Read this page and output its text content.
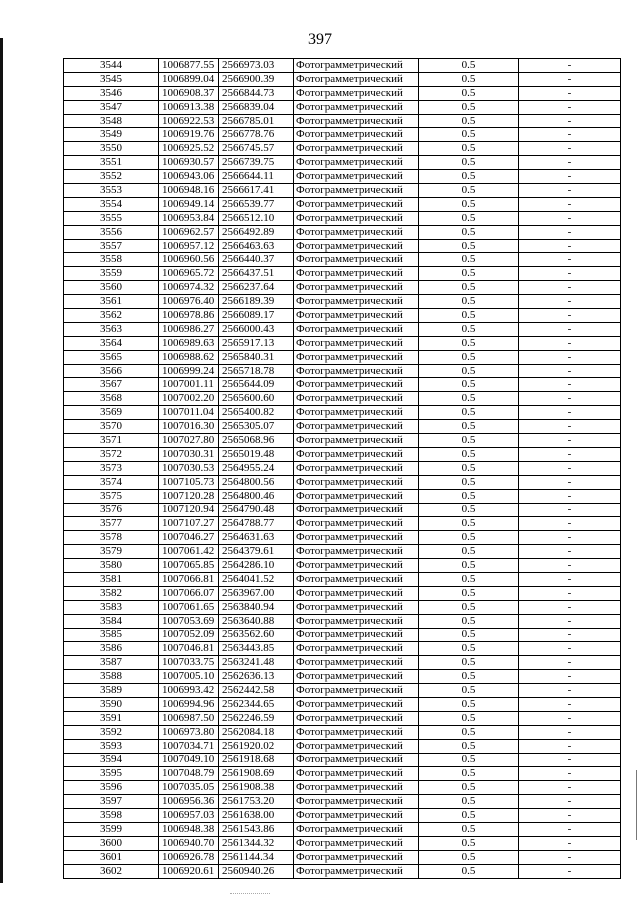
397
3544	1006877.55	2566973.03	Фотограмметрический	0.5	-
3545	1006899.04	2566900.39	Фотограмметрический	0.5	-
3546	1006908.37	2566844.73	Фотограмметрический	0.5	-
3547	1006913.38	2566839.04	Фотограмметрический	0.5	-
3548	1006922.53	2566785.01	Фотограмметрический	0.5	-
3549	1006919.76	2566778.76	Фотограмметрический	0.5	-
3550	1006925.52	2566745.57	Фотограмметрический	0.5	-
3551	1006930.57	2566739.75	Фотограмметрический	0.5	-
3552	1006943.06	2566644.11	Фотограмметрический	0.5	-
3553	1006948.16	2566617.41	Фотограмметрический	0.5	-
3554	1006949.14	2566539.77	Фотограмметрический	0.5	-
3555	1006953.84	2566512.10	Фотограмметрический	0.5	-
3556	1006962.57	2566492.89	Фотограмметрический	0.5	-
3557	1006957.12	2566463.63	Фотограмметрический	0.5	-
3558	1006960.56	2566440.37	Фотограмметрический	0.5	-
3559	1006965.72	2566437.51	Фотограмметрический	0.5	-
3560	1006974.32	2566237.64	Фотограмметрический	0.5	-
3561	1006976.40	2566189.39	Фотограмметрический	0.5	-
3562	1006978.86	2566089.17	Фотограмметрический	0.5	-
3563	1006986.27	2566000.43	Фотограмметрический	0.5	-
3564	1006989.63	2565917.13	Фотограмметрический	0.5	-
3565	1006988.62	2565840.31	Фотограмметрический	0.5	-
3566	1006999.24	2565718.78	Фотограмметрический	0.5	-
3567	1007001.11	2565644.09	Фотограмметрический	0.5	-
3568	1007002.20	2565600.60	Фотограмметрический	0.5	-
3569	1007011.04	2565400.82	Фотограмметрический	0.5	-
3570	1007016.30	2565305.07	Фотограмметрический	0.5	-
3571	1007027.80	2565068.96	Фотограмметрический	0.5	-
3572	1007030.31	2565019.48	Фотограмметрический	0.5	-
3573	1007030.53	2564955.24	Фотограмметрический	0.5	-
3574	1007105.73	2564800.56	Фотограмметрический	0.5	-
3575	1007120.28	2564800.46	Фотограмметрический	0.5	-
3576	1007120.94	2564790.48	Фотограмметрический	0.5	-
3577	1007107.27	2564788.77	Фотограмметрический	0.5	-
3578	1007046.27	2564631.63	Фотограмметрический	0.5	-
3579	1007061.42	2564379.61	Фотограмметрический	0.5	-
3580	1007065.85	2564286.10	Фотограмметрический	0.5	-
3581	1007066.81	2564041.52	Фотограмметрический	0.5	-
3582	1007066.07	2563967.00	Фотограмметрический	0.5	-
3583	1007061.65	2563840.94	Фотограмметрический	0.5	-
3584	1007053.69	2563640.88	Фотограмметрический	0.5	-
3585	1007052.09	2563562.60	Фотограмметрический	0.5	-
3586	1007046.81	2563443.85	Фотограмметрический	0.5	-
3587	1007033.75	2563241.48	Фотограмметрический	0.5	-
3588	1007005.10	2562636.13	Фотограмметрический	0.5	-
3589	1006993.42	2562442.58	Фотограмметрический	0.5	-
3590	1006994.96	2562344.65	Фотограмметрический	0.5	-
3591	1006987.50	2562246.59	Фотограмметрический	0.5	-
3592	1006973.80	2562084.18	Фотограмметрический	0.5	-
3593	1007034.71	2561920.02	Фотограмметрический	0.5	-
3594	1007049.10	2561918.68	Фотограмметрический	0.5	-
3595	1007048.79	2561908.69	Фотограмметрический	0.5	-
3596	1007035.05	2561908.38	Фотограмметрический	0.5	-
3597	1006956.36	2561753.20	Фотограмметрический	0.5	-
3598	1006957.03	2561638.00	Фотограмметрический	0.5	-
3599	1006948.38	2561543.86	Фотограмметрический	0.5	-
3600	1006940.70	2561344.32	Фотограмметрический	0.5	-
3601	1006926.78	2561144.34	Фотограмметрический	0.5	-
3602	1006920.61	2560940.26	Фотограмметрический	0.5	-
